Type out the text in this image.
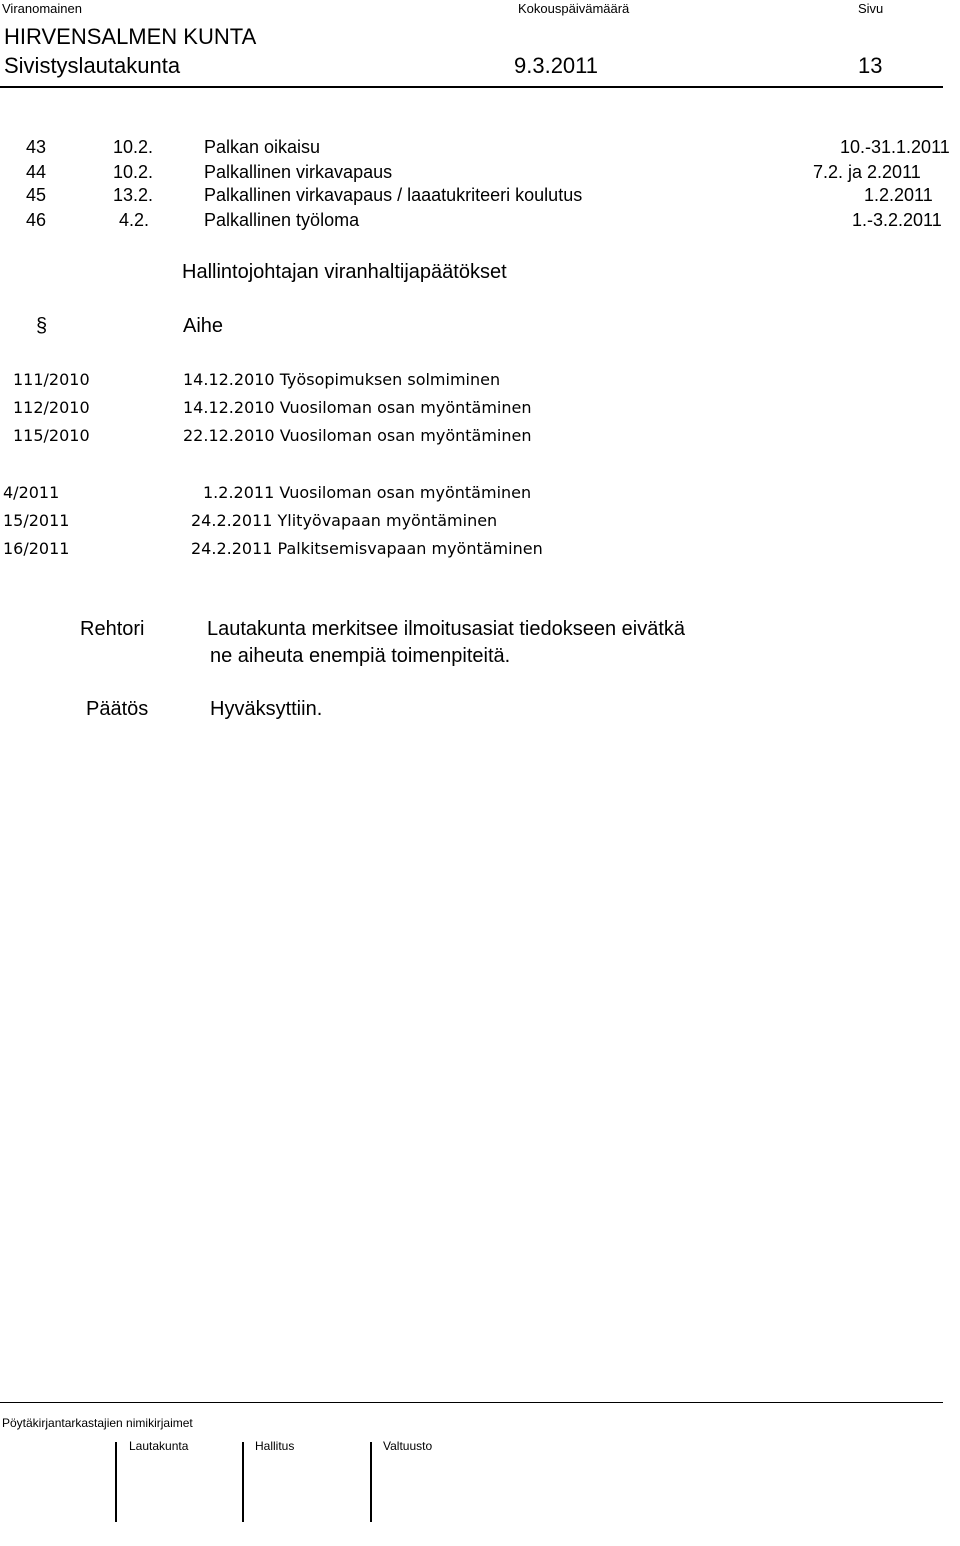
Viranomainen	Kokouspäivämäärä	Sivu
HIRVENSALMEN KUNTA
Sivistyslautakunta	9.3.2011	13
43	10.2.	Palkan oikaisu	10.-31.1.2011
44	10.2.	Palkallinen virkavapaus	7.2. ja 2.2011
45	13.2.	Palkallinen virkavapaus / laaatukriteeri koulutus	1.2.2011
46	4.2.	Palkallinen työloma	1.-3.2.2011
Hallintojohtajan viranhaltijapäätökset
§	Aihe
111/2010	14.12.2010 Työsopimuksen solmiminen
112/2010	14.12.2010 Vuosiloman osan myöntäminen
115/2010	22.12.2010 Vuosiloman osan myöntäminen
4/2011	1.2.2011 Vuosiloman osan myöntäminen
15/2011	24.2.2011 Ylityövapaan myöntäminen
16/2011	24.2.2011 Palkitsemisvapaan myöntäminen
Rehtori	Lautakunta merkitsee ilmoitusasiat tiedokseen eivätkä
ne aiheuta enempiä toimenpiteitä.
Päätös	Hyväksyttiin.
Pöytäkirjantarkastajien nimikirjaimet
Lautakunta	Hallitus	Valtuusto
